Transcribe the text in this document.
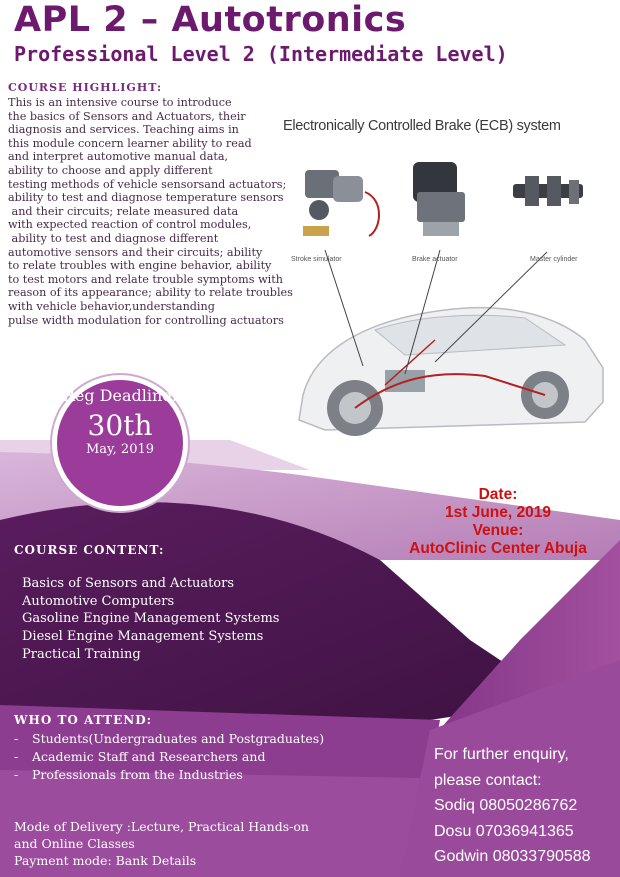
APL 2 – Autotronics
Professional Level 2 (Intermediate Level)
COURSE HIGHLIGHT:
This is an intensive course to introduce
the basics of Sensors and Actuators, their
diagnosis and services. Teaching aims in
this module concern learner ability to read
and interpret automotive manual data,
ability to choose and apply different
testing methods of vehicle sensorsand actuators;
ability to test and diagnose temperature sensors
and their circuits; relate measured data
with expected reaction of control modules,
ability to test and diagnose different
automotive sensors and their circuits; ability
to relate troubles with engine behavior, ability
to test motors and relate trouble symptoms with
reason of its appearance; ability to relate troubles
with vehicle behavior,understanding
pulse width modulation for controlling actuators
Electronically Controlled Brake (ECB) system
Stroke simulator	Brake actuator	Master cylinder
Reg Deadline:
30th
May, 2019
Date:
1st June, 2019
Venue:
AutoClinic Center Abuja
COURSE CONTENT:
Basics of Sensors and Actuators
Automotive Computers
Gasoline Engine Management Systems
Diesel Engine Management Systems
Practical Training
WHO TO ATTEND:
- Students(Undergraduates and Postgraduates)
- Academic Staff and Researchers and
- Professionals from the Industries
Mode of Delivery :Lecture, Practical Hands-on
and Online Classes
Payment mode: Bank Details
For further enquiry,
please contact:
Sodiq 08050286762
Dosu 07036941365
Godwin 08033790588
